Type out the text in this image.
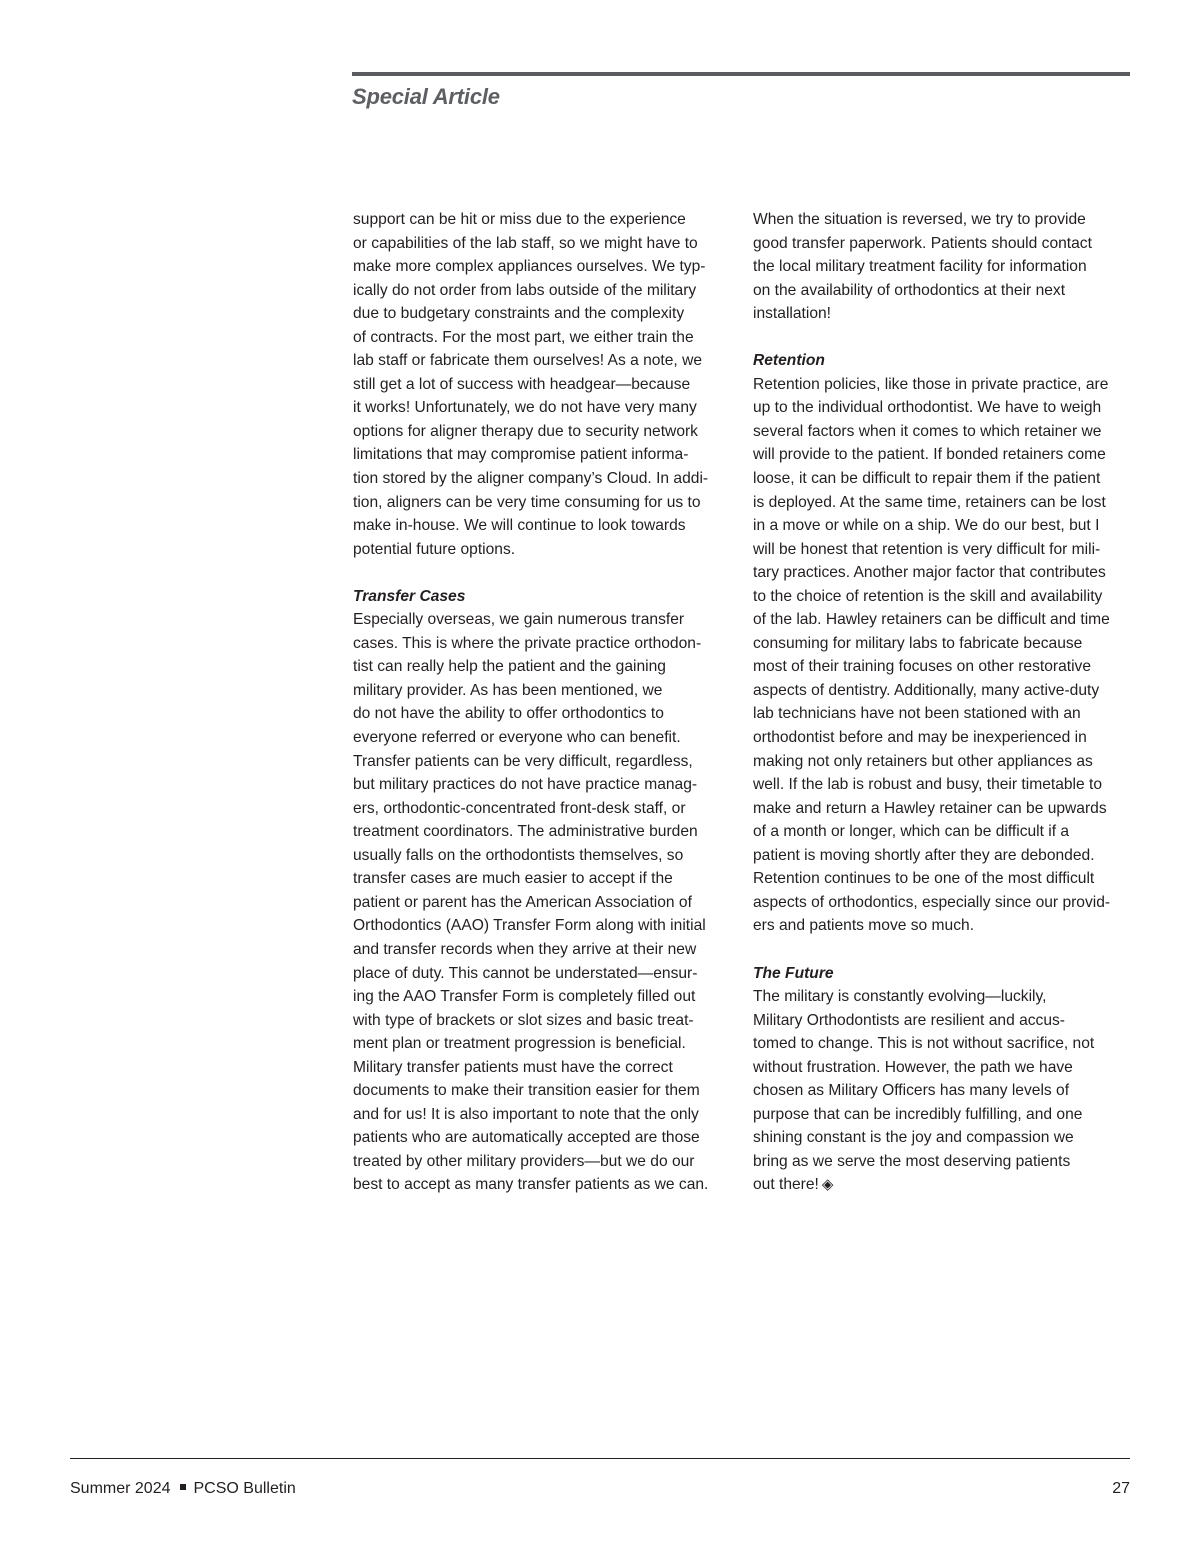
Special Article
support can be hit or miss due to the experience
or capabilities of the lab staff, so we might have to
make more complex appliances ourselves. We typ-
ically do not order from labs outside of the military
due to budgetary constraints and the complexity
of contracts. For the most part, we either train the
lab staff or fabricate them ourselves! As a note, we
still get a lot of success with headgear—because
it works! Unfortunately, we do not have very many
options for aligner therapy due to security network
limitations that may compromise patient informa-
tion stored by the aligner company’s Cloud. In addi-
tion, aligners can be very time consuming for us to
make in-house. We will continue to look towards
potential future options.
Transfer Cases
Especially overseas, we gain numerous transfer
cases. This is where the private practice orthodon-
tist can really help the patient and the gaining
military provider. As has been mentioned, we
do not have the ability to offer orthodontics to
everyone referred or everyone who can benefit.
Transfer patients can be very difficult, regardless,
but military practices do not have practice manag-
ers, orthodontic-concentrated front-desk staff, or
treatment coordinators. The administrative burden
usually falls on the orthodontists themselves, so
transfer cases are much easier to accept if the
patient or parent has the American Association of
Orthodontics (AAO) Transfer Form along with initial
and transfer records when they arrive at their new
place of duty. This cannot be understated—ensur-
ing the AAO Transfer Form is completely filled out
with type of brackets or slot sizes and basic treat-
ment plan or treatment progression is beneficial.
Military transfer patients must have the correct
documents to make their transition easier for them
and for us! It is also important to note that the only
patients who are automatically accepted are those
treated by other military providers—but we do our
best to accept as many transfer patients as we can.
When the situation is reversed, we try to provide
good transfer paperwork. Patients should contact
the local military treatment facility for information
on the availability of orthodontics at their next
installation!
Retention
Retention policies, like those in private practice, are
up to the individual orthodontist. We have to weigh
several factors when it comes to which retainer we
will provide to the patient. If bonded retainers come
loose, it can be difficult to repair them if the patient
is deployed. At the same time, retainers can be lost
in a move or while on a ship. We do our best, but I
will be honest that retention is very difficult for mili-
tary practices. Another major factor that contributes
to the choice of retention is the skill and availability
of the lab. Hawley retainers can be difficult and time
consuming for military labs to fabricate because
most of their training focuses on other restorative
aspects of dentistry. Additionally, many active-duty
lab technicians have not been stationed with an
orthodontist before and may be inexperienced in
making not only retainers but other appliances as
well. If the lab is robust and busy, their timetable to
make and return a Hawley retainer can be upwards
of a month or longer, which can be difficult if a
patient is moving shortly after they are debonded.
Retention continues to be one of the most difficult
aspects of orthodontics, especially since our provid-
ers and patients move so much.
The Future
The military is constantly evolving—luckily,
Military Orthodontists are resilient and accus-
tomed to change. This is not without sacrifice, not
without frustration. However, the path we have
chosen as Military Officers has many levels of
purpose that can be incredibly fulfilling, and one
shining constant is the joy and compassion we
bring as we serve the most deserving patients
out there! ◈
Summer 2024 PCSO Bulletin	27
